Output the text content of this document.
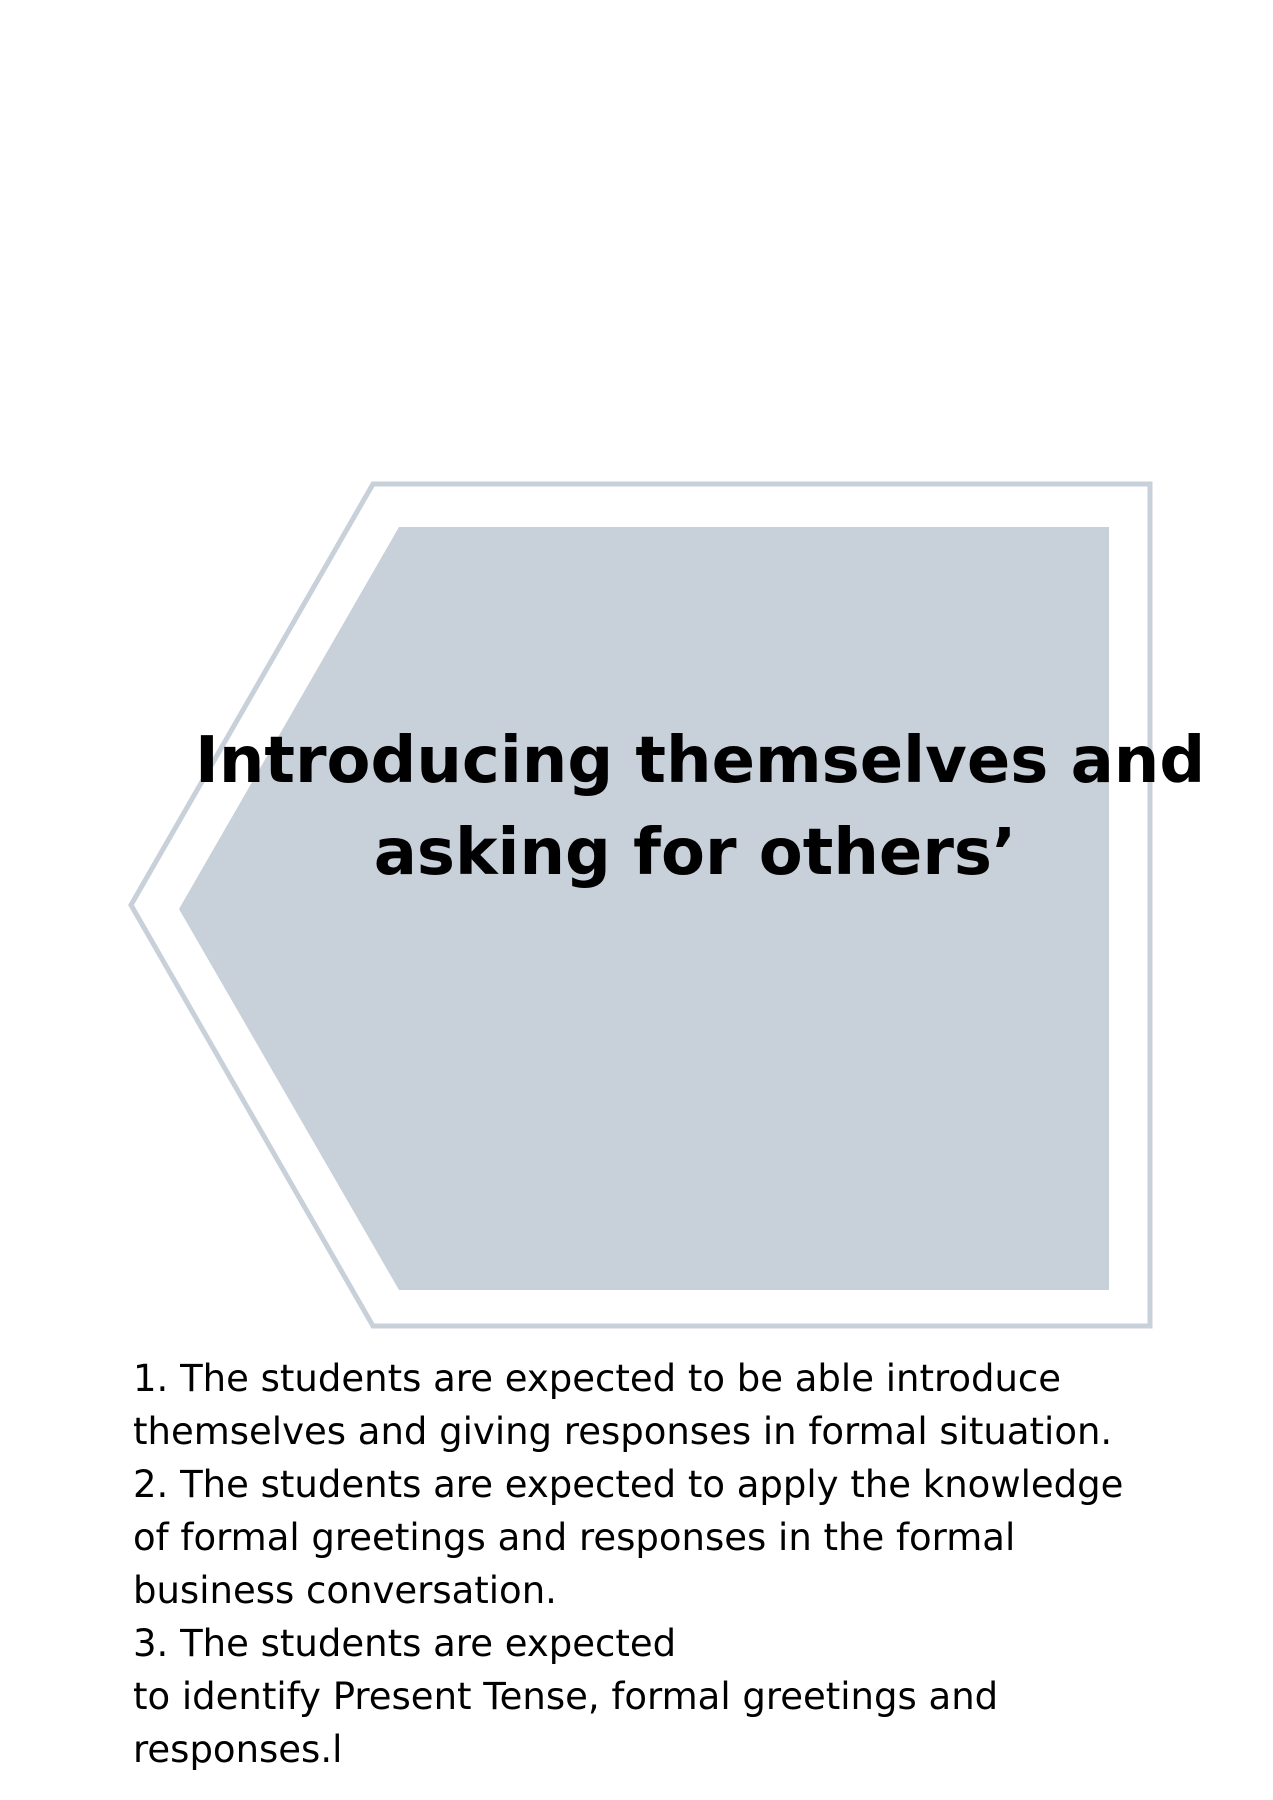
Introducing themselves and
asking for others’
1. The students are expected to be able introduce
themselves and giving responses in formal situation.
2. The students are expected to apply the knowledge
of formal greetings and responses in the formal
business conversation.
3. The students are expected
to identify Present Tense, formal greetings and
responses.l
